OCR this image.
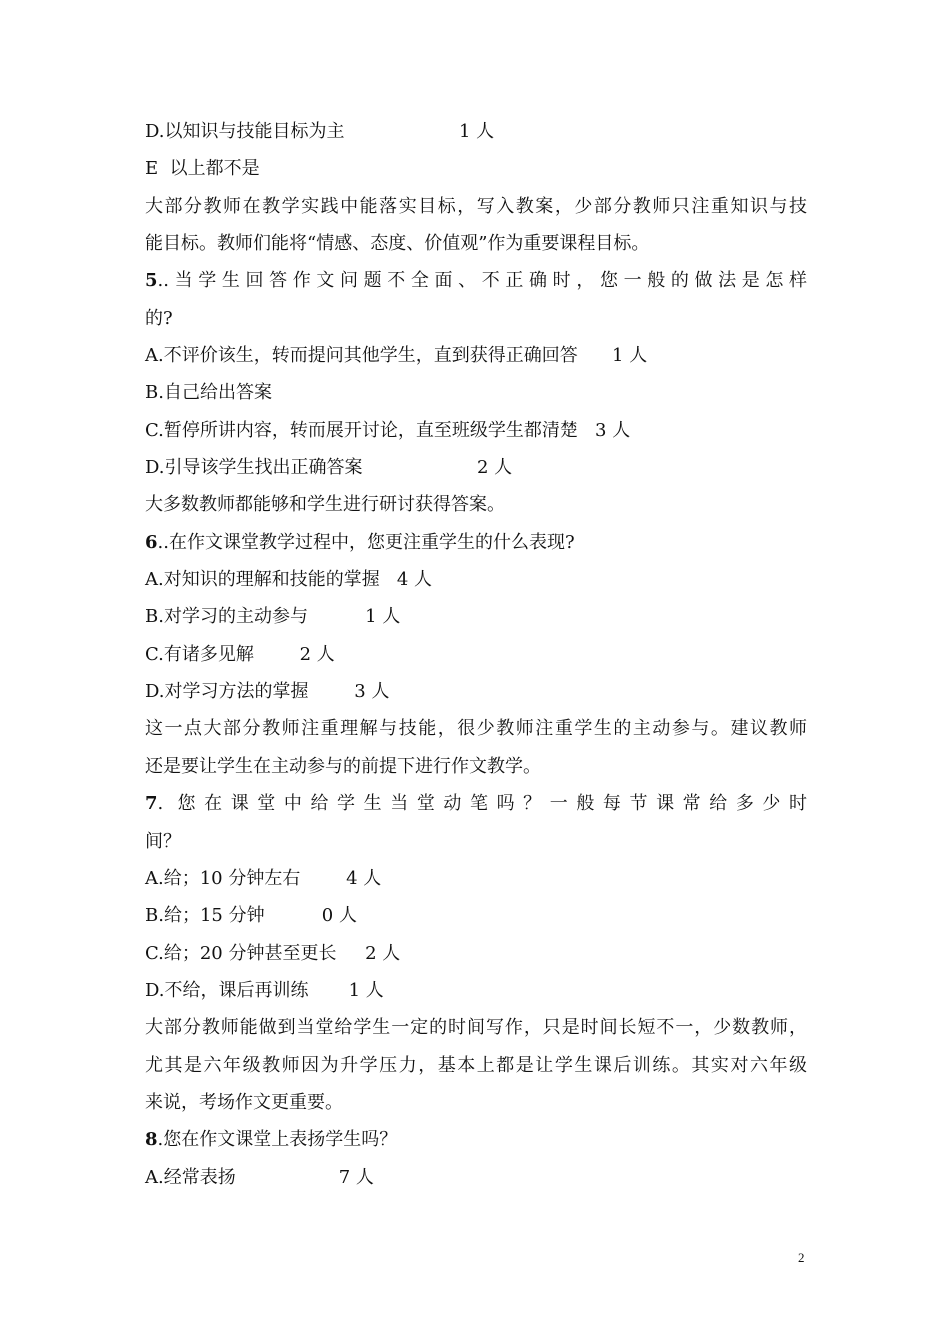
D.以知识与技能目标为主                    1 人
E  以上都不是
大部分教师在教学实践中能落实目标，写入教案，少部分教师只注重知识与技
能目标。教师们能将“情感、态度、价值观”作为重要课程目标。
5..当学生回答作文问题不全面、不正确时，您一般的做法是怎样
的?
A.不评价该生，转而提问其他学生，直到获得正确回答      1 人
B.自己给出答案
C.暂停所讲内容，转而展开讨论，直至班级学生都清楚   3 人
D.引导该学生找出正确答案                    2 人
大多数教师都能够和学生进行研讨获得答案。
6..在作文课堂教学过程中，您更注重学生的什么表现?
A.对知识的理解和技能的掌握   4 人
B.对学习的主动参与          1 人
C.有诸多见解        2 人
D.对学习方法的掌握        3 人
这一点大部分教师注重理解与技能，很少教师注重学生的主动参与。建议教师
还是要让学生在主动参与的前提下进行作文教学。
7. 您在课堂中给学生当堂动笔吗？一般每节课常给多少时
间？
A.给；10 分钟左右        4 人
B.给；15 分钟          0 人
C.给；20 分钟甚至更长     2 人
D.不给，课后再训练       1 人
大部分教师能做到当堂给学生一定的时间写作，只是时间长短不一，少数教师，
尤其是六年级教师因为升学压力，基本上都是让学生课后训练。其实对六年级
来说，考场作文更重要。
8.您在作文课堂上表扬学生吗？
A.经常表扬                  7 人
2
